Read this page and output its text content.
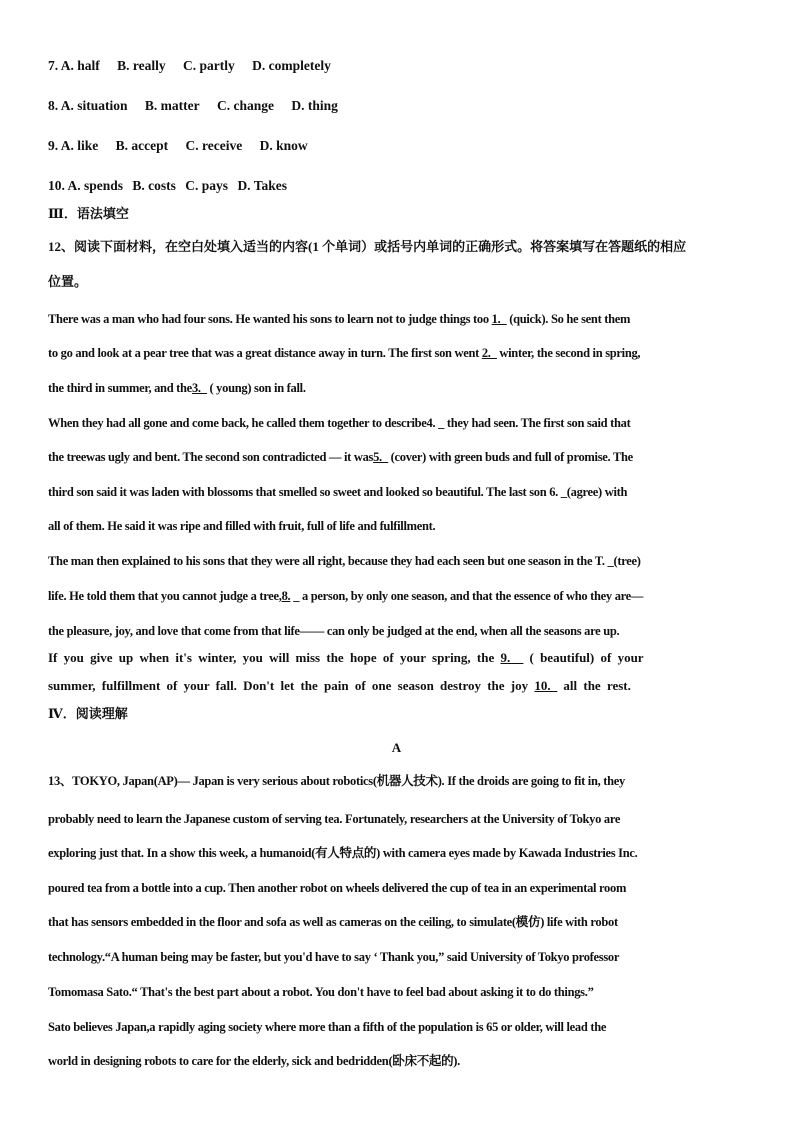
7. A. half B. really C. partly D. completely
8. A. situation B. matter C. change D. thing
9. A. like B. accept C. receive D. know
10. A. spends B. costs C. pays D. Takes
Ⅲ．语法填空
12、阅读下面材料，在空白处填入适当的内容(1 个单词）或括号内单词的正确形式。将答案填写在答题纸的相应
位置。
There was a man who had four sons. He wanted his sons to learn not to judge things too 1._ (quick). So he sent them
to go and look at a pear tree that was a great distance away in turn. The first son went 2._ winter, the second in spring,
the third in summer, and the3._ ( young) son in fall.
When they had all gone and come back, he called them together to describe4. _ they had seen. The first son said that
the treewas ugly and bent. The second son contradicted — it was5._ (cover) with green buds and full of promise. The
third son said it was laden with blossoms that smelled so sweet and looked so beautiful. The last son 6. _(agree) with
all of them. He said it was ripe and filled with fruit, full of life and fulfillment.
The man then explained to his sons that they were all right, because they had each seen but one season in the T. _(tree)
life. He told them that you cannot judge a tree,8. _ a person, by only one season, and that the essence of who they are—
the pleasure, joy, and love that come from that life—— can only be judged at the end, when all the seasons are up.
If you give up when it's winter, you will miss the hope of your spring, the 9.__ ( beautiful) of your
summer, fulfillment of your fall. Don't let the pain of one season destroy the joy 10._ all the rest.
Ⅳ．阅读理解
A
13、TOKYO, Japan(AP)— Japan is very serious about robotics(机器人技术). If the droids are going to fit in, they
probably need to learn the Japanese custom of serving tea. Fortunately, researchers at the University of Tokyo are
exploring just that. In a show this week, a humanoid(有人特点的) with camera eyes made by Kawada Industries Inc.
poured tea from a bottle into a cup. Then another robot on wheels delivered the cup of tea in an experimental room
that has sensors embedded in the floor and sofa as well as cameras on the ceiling, to simulate(模仿) life with robot
technology.“A human being may be faster, but you'd have to say ‘ Thank you,” said University of Tokyo professor
Tomomasa Sato.“ That's the best part about a robot. You don't have to feel bad about asking it to do things.”
Sato believes Japan,a rapidly aging society where more than a fifth of the population is 65 or older, will lead the
world in designing robots to care for the elderly, sick and bedridden(卧床不起的).
